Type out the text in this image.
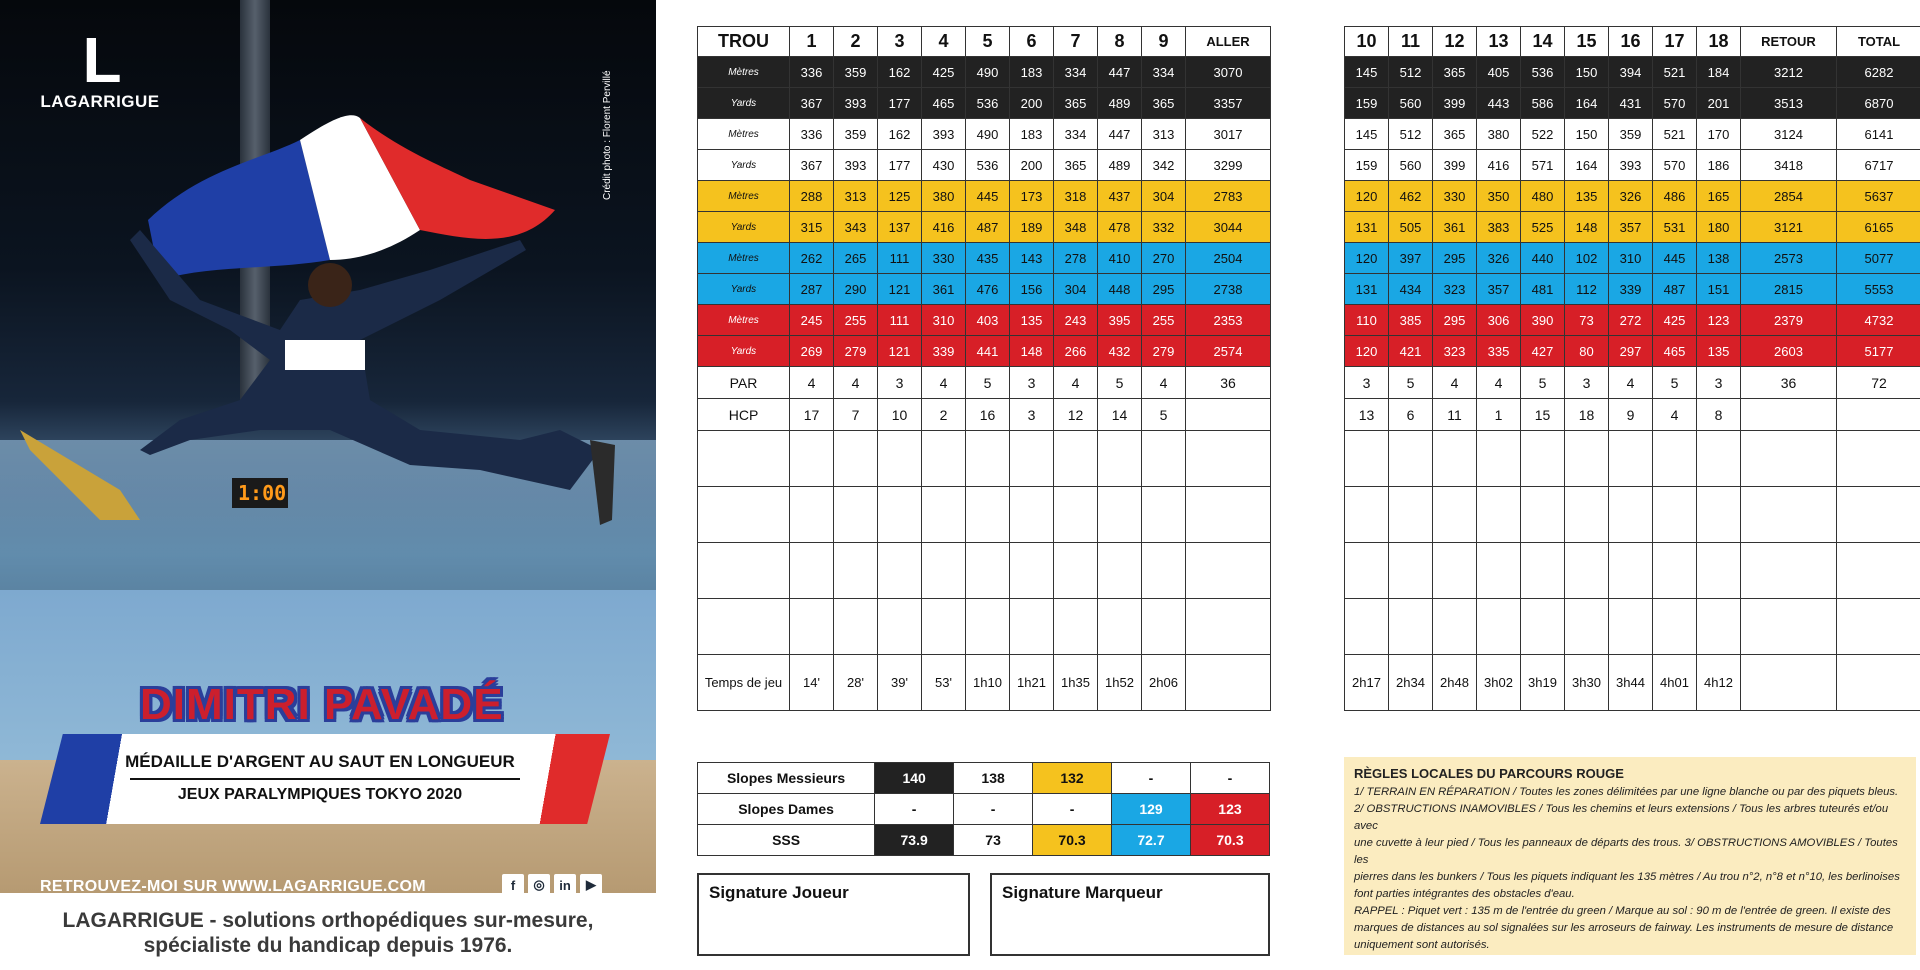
1:00
L
LAGARRIGUE	Crédit photo : Florent Pervillé
DIMITRI PAVADÉ
MÉDAILLE D'ARGENT AU SAUT EN LONGUEUR
JEUX PARALYMPIQUES TOKYO 2020
RETROUVEZ-MOI SUR WWW.LAGARRIGUE.COM	f	◎	in	▶
LAGARRIGUE - solutions orthopédiques sur-mesure,
spécialiste du handicap depuis 1976.
TROU	1	2	3	4	5	6	7	8	9	ALLER
Mètres	336	359	162	425	490	183	334	447	334	3070
Yards	367	393	177	465	536	200	365	489	365	3357
Mètres	336	359	162	393	490	183	334	447	313	3017
Yards	367	393	177	430	536	200	365	489	342	3299
Mètres	288	313	125	380	445	173	318	437	304	2783
Yards	315	343	137	416	487	189	348	478	332	3044
Mètres	262	265	111	330	435	143	278	410	270	2504
Yards	287	290	121	361	476	156	304	448	295	2738
Mètres	245	255	111	310	403	135	243	395	255	2353
Yards	269	279	121	339	441	148	266	432	279	2574
PAR	4	4	3	4	5	3	4	5	4	36
HCP	17	7	10	2	16	3	12	14	5	

Temps de jeu	14'	28'	39'	53'	1h10	1h21	1h35	1h52	2h06	
10	11	12	13	14	15	16	17	18	RETOUR	TOTAL
145	512	365	405	536	150	394	521	184	3212	6282
159	560	399	443	586	164	431	570	201	3513	6870
145	512	365	380	522	150	359	521	170	3124	6141
159	560	399	416	571	164	393	570	186	3418	6717
120	462	330	350	480	135	326	486	165	2854	5637
131	505	361	383	525	148	357	531	180	3121	6165
120	397	295	326	440	102	310	445	138	2573	5077
131	434	323	357	481	112	339	487	151	2815	5553
110	385	295	306	390	73	272	425	123	2379	4732
120	421	323	335	427	80	297	465	135	2603	5177
3	5	4	4	5	3	4	5	3	36	72
13	6	11	1	15	18	9	4	8		

2h17	2h34	2h48	3h02	3h19	3h30	3h44	4h01	4h12		
Slopes Messieurs	140	138	132	-	-
Slopes Dames	-	-	-	129	123
SSS	73.9	73	70.3	72.7	70.3
Signature Joueur	Signature Marqueur
RÈGLES LOCALES DU PARCOURS ROUGE
1/ TERRAIN EN RÉPARATION / Toutes les zones délimitées par une ligne blanche ou par des piquets bleus.
2/ OBSTRUCTIONS INAMOVIBLES / Tous les chemins et leurs extensions / Tous les arbres tuteurés et/ou avec
une cuvette à leur pied / Tous les panneaux de départs des trous. 3/ OBSTRUCTIONS AMOVIBLES / Toutes les
pierres dans les bunkers / Tous les piquets indiquant les 135 mètres / Au trou n°2, n°8 et n°10, les berlinoises
font parties intégrantes des obstacles d'eau.
RAPPEL : Piquet vert : 135 m de l'entrée du green / Marque au sol : 90 m de l'entrée de green. Il existe des
marques de distances au sol signalées sur les arroseurs de fairway. Les instruments de mesure de distance
uniquement sont autorisés.
